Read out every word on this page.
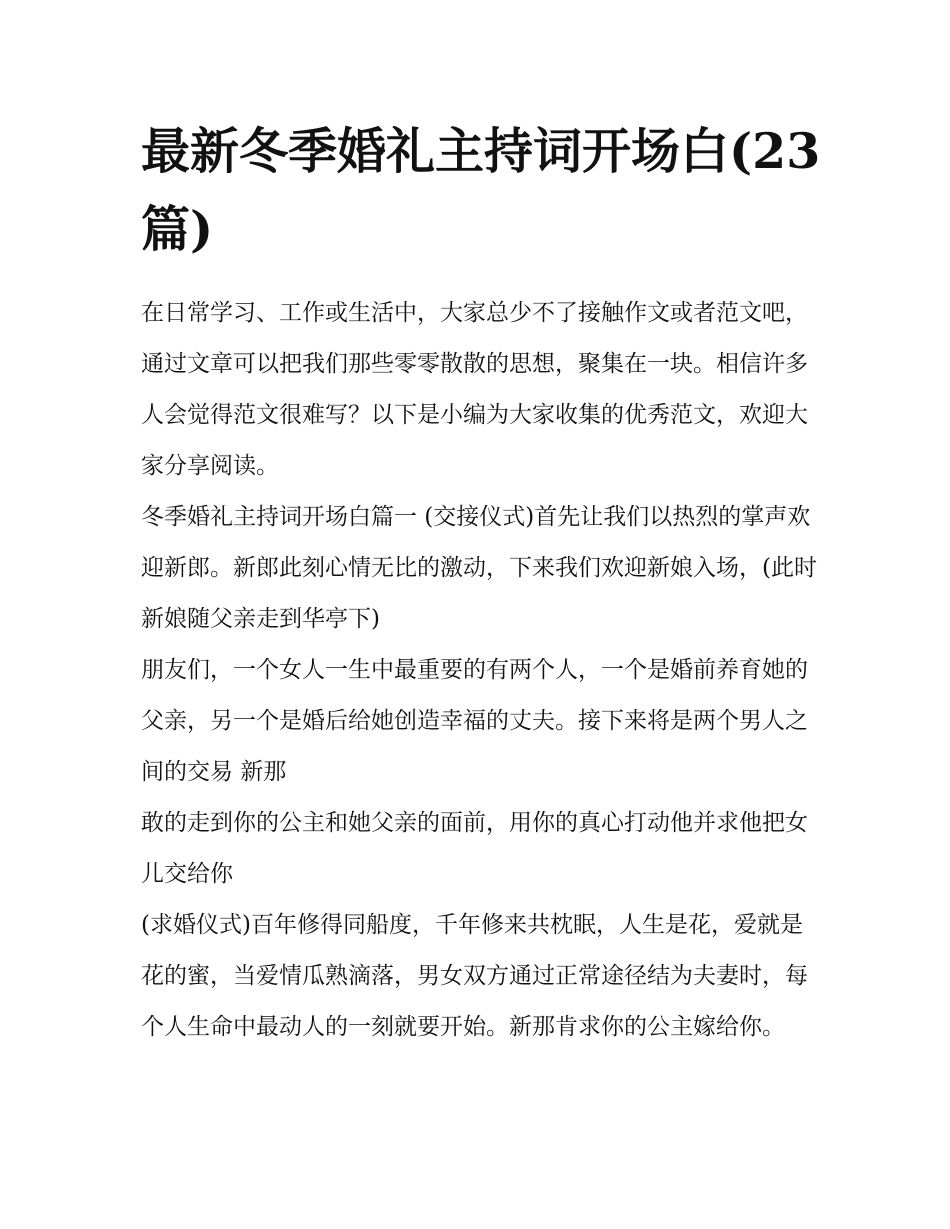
最新冬季婚礼主持词开场白(23篇)

在日常学习、工作或生活中，大家总少不了接触作文或者范文吧，通过文章可以把我们那些零零散散的思想，聚集在一块。相信许多人会觉得范文很难写？以下是小编为大家收集的优秀范文，欢迎大家分享阅读。

冬季婚礼主持词开场白篇一 (交接仪式)首先让我们以热烈的掌声欢迎新郎。新郎此刻心情无比的激动，下来我们欢迎新娘入场，(此时新娘随父亲走到华亭下)

朋友们，一个女人一生中最重要的有两个人，一个是婚前养育她的父亲，另一个是婚后给她创造幸福的丈夫。接下来将是两个男人之间的交易 新那

敢的走到你的公主和她父亲的面前，用你的真心打动他并求他把女儿交给你

(求婚仪式)百年修得同船度，千年修来共枕眠，人生是花，爱就是花的蜜，当爱情瓜熟滴落，男女双方通过正常途径结为夫妻时，每个人生命中最动人的一刻就要开始。新那肯求你的公主嫁给你。
